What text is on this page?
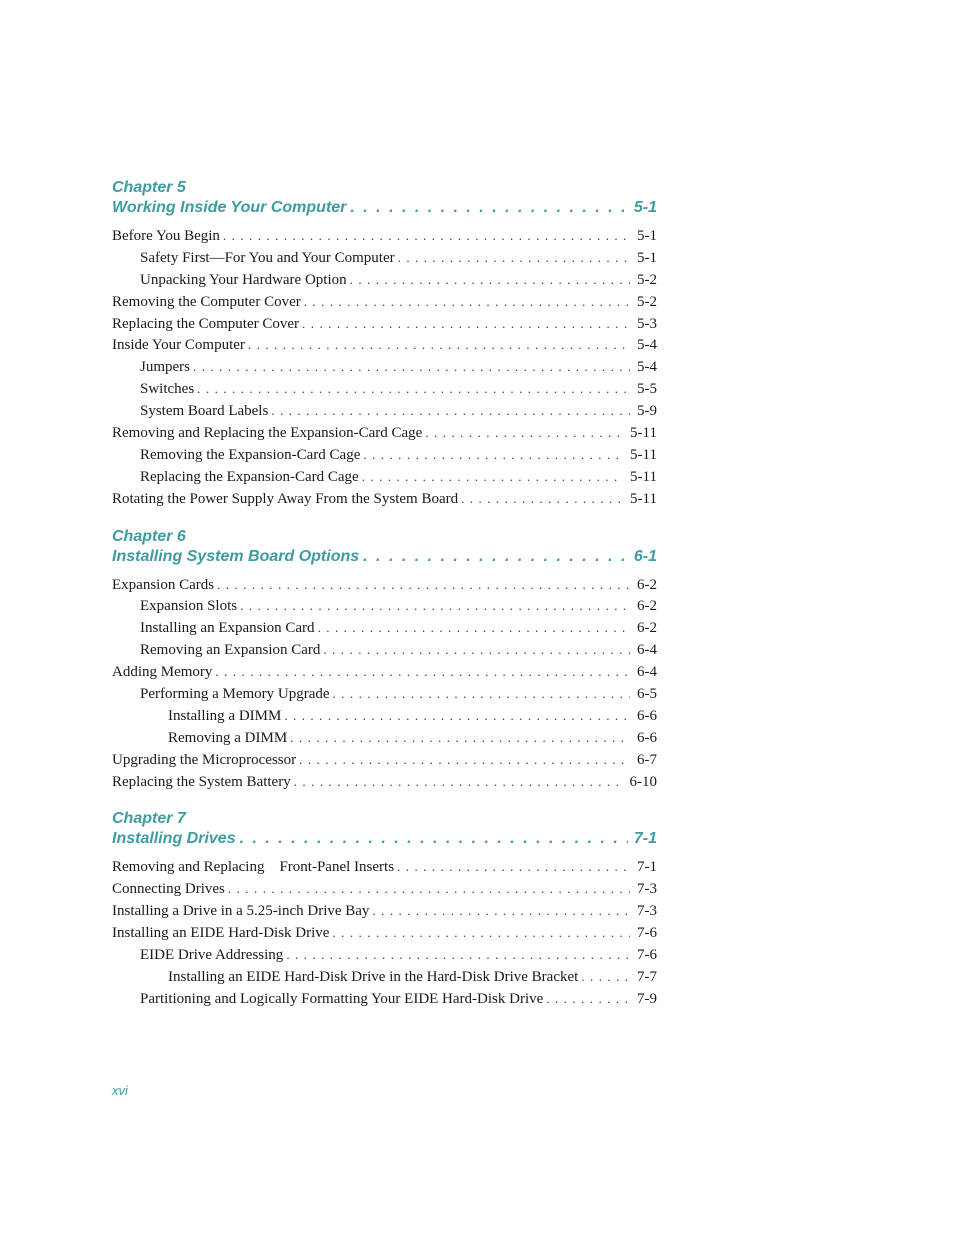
Chapter 5
Working Inside Your Computer . . .	5-1
Before You Begin . . .	5-1
Safety First—For You and Your Computer . . .	5-1
Unpacking Your Hardware Option . . .	5-2
Removing the Computer Cover . . .	5-2
Replacing the Computer Cover . . .	5-3
Inside Your Computer . . .	5-4
Jumpers . . .	5-4
Switches . . .	5-5
System Board Labels . . .	5-9
Removing and Replacing the Expansion-Card Cage . . .	5-11
Removing the Expansion-Card Cage . . .	5-11
Replacing the Expansion-Card Cage . . .	5-11
Rotating the Power Supply Away From the System Board . . .	5-11
Chapter 6
Installing System Board Options . . .	6-1
Expansion Cards . . .	6-2
Expansion Slots . . .	6-2
Installing an Expansion Card . . .	6-2
Removing an Expansion Card . . .	6-4
Adding Memory . . .	6-4
Performing a Memory Upgrade . . .	6-5
Installing a DIMM . . .	6-6
Removing a DIMM . . .	6-6
Upgrading the Microprocessor . . .	6-7
Replacing the System Battery . . .	6-10
Chapter 7
Installing Drives . . .	7-1
Removing and Replacing    Front-Panel Inserts . . .	7-1
Connecting Drives . . .	7-3
Installing a Drive in a 5.25-inch Drive Bay . . .	7-3
Installing an EIDE Hard-Disk Drive . . .	7-6
EIDE Drive Addressing . . .	7-6
Installing an EIDE Hard-Disk Drive in the Hard-Disk Drive Bracket . . .	7-7
Partitioning and Logically Formatting Your EIDE Hard-Disk Drive . . .	7-9
xvi
